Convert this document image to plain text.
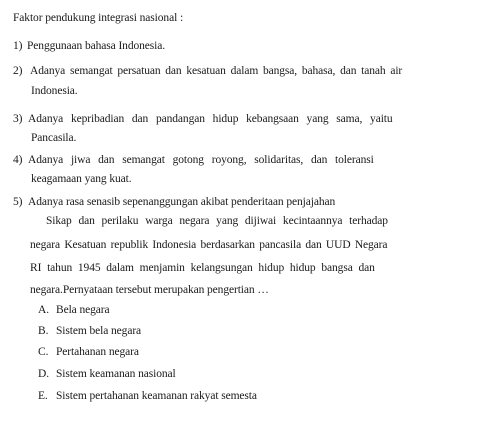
Faktor pendukung integrasi nasional :
1) Penggunaan bahasa Indonesia.
2) Adanya semangat persatuan dan kesatuan dalam bangsa, bahasa, dan tanah air
Indonesia.
3) Adanya kepribadian dan pandangan hidup kebangsaan yang sama, yaitu
Pancasila.
4) Adanya jiwa dan semangat gotong royong, solidaritas, dan toleransi
keagamaan yang kuat.
5) Adanya rasa senasib sepenanggungan akibat penderitaan penjajahan
Sikap dan perilaku warga negara yang dijiwai kecintaannya terhadap
negara Kesatuan republik Indonesia berdasarkan pancasila dan UUD Negara
RI tahun 1945 dalam menjamin kelangsungan hidup hidup bangsa dan
negara.Pernyataan tersebut merupakan pengertian …
A. Bela negara
B. Sistem bela negara
C. Pertahanan negara
D. Sistem keamanan nasional
E. Sistem pertahanan keamanan rakyat semesta
